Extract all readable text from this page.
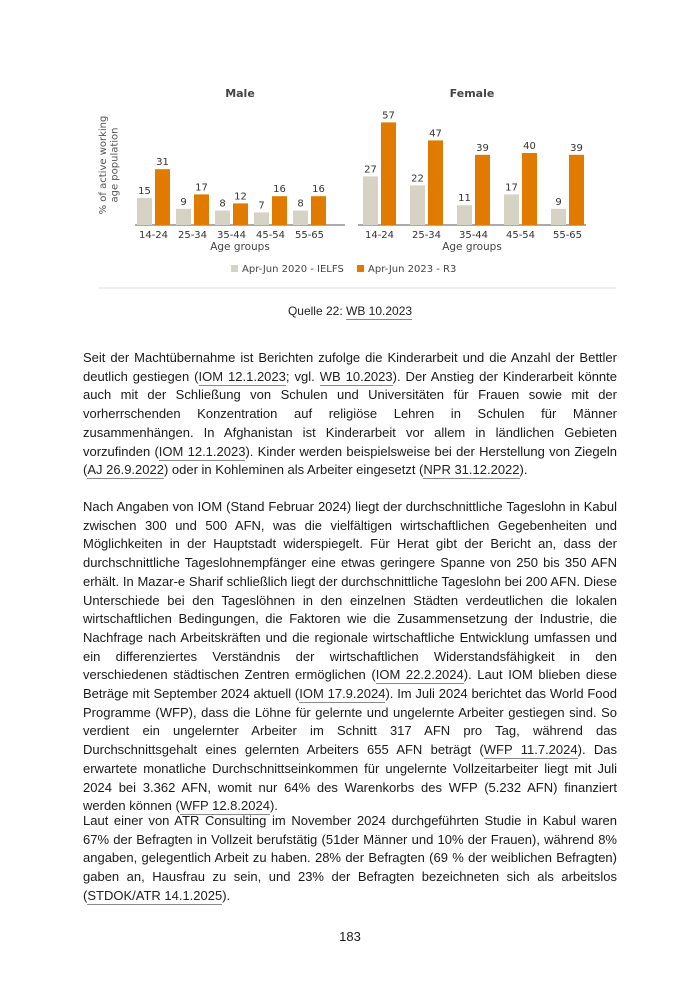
% of active workingage population
Male
15
31
14-24
9
17
25-34
8
12
35-44
7
16
45-54
8
16
55-65
Age groups
Female
27
57
14-24
22
47
25-34
11
39
35-44
17
40
45-54
9
39
55-65
Age groups
Apr-Jun 2020 - IELFS Apr-Jun 2023 - R3
Quelle 22: WB 10.2023

Seit der Machtübernahme ist Berichten zufolge die Kinderarbeit und die Anzahl der Bettler deutlich gestiegen (IOM 12.1.2023; vgl. WB 10.2023). Der Anstieg der Kinderarbeit könnte auch mit der Schließung von Schulen und Universitäten für Frauen sowie mit der vorherrschenden Konzentration auf religiöse Lehren in Schulen für Männer zusammenhängen. In Afghanistan ist Kinderarbeit vor allem in ländlichen Gebieten vorzufinden (IOM 12.1.2023). Kinder werden beispielsweise bei der Herstellung von Ziegeln (AJ 26.9.2022) oder in Kohleminen als Arbeiter eingesetzt (NPR 31.12.2022).

Nach Angaben von IOM (Stand Februar 2024) liegt der durchschnittliche Tageslohn in Kabul zwischen 300 und 500 AFN, was die vielfältigen wirtschaftlichen Gegebenheiten und Möglichkeiten in der Hauptstadt widerspiegelt. Für Herat gibt der Bericht an, dass der durchschnittliche Tageslohnempfänger eine etwas geringere Spanne von 250 bis 350 AFN erhält. In Mazar-e Sharif schließlich liegt der durchschnittliche Tageslohn bei 200 AFN. Diese Unterschiede bei den Tageslöhnen in den einzelnen Städten verdeutlichen die lokalen wirtschaftlichen Bedingungen, die Faktoren wie die Zusammensetzung der Industrie, die Nachfrage nach Arbeitskräften und die regionale wirtschaftliche Entwicklung umfassen und ein differenziertes Verständnis der wirtschaftlichen Widerstandsfähigkeit in den verschiedenen städtischen Zentren ermöglichen (IOM 22.2.2024). Laut IOM blieben diese Beträge mit September 2024 aktuell (IOM 17.9.2024). Im Juli 2024 berichtet das World Food Programme (WFP), dass die Löhne für gelernte und ungelernte Arbeiter gestiegen sind. So verdient ein ungelernter Arbeiter im Schnitt 317 AFN pro Tag, während das Durchschnittsgehalt eines gelernten Arbeiters 655 AFN beträgt (WFP 11.7.2024). Das erwartete monatliche Durchschnittseinkommen für ungelernte Vollzeitarbeiter liegt mit Juli 2024 bei 3.362 AFN, womit nur 64% des Warenkorbs des WFP (5.232 AFN) finanziert werden können (WFP 12.8.2024).

Laut einer von ATR Consulting im November 2024 durchgeführten Studie in Kabul waren 67% der Befragten in Vollzeit berufstätig (51der Männer und 10% der Frauen), während 8% angaben, gelegentlich Arbeit zu haben. 28% der Befragten (69 % der weiblichen Befragten) gaben an, Hausfrau zu sein, und 23% der Befragten bezeichneten sich als arbeitslos (STDOK/ATR 14.1.2025).

183
